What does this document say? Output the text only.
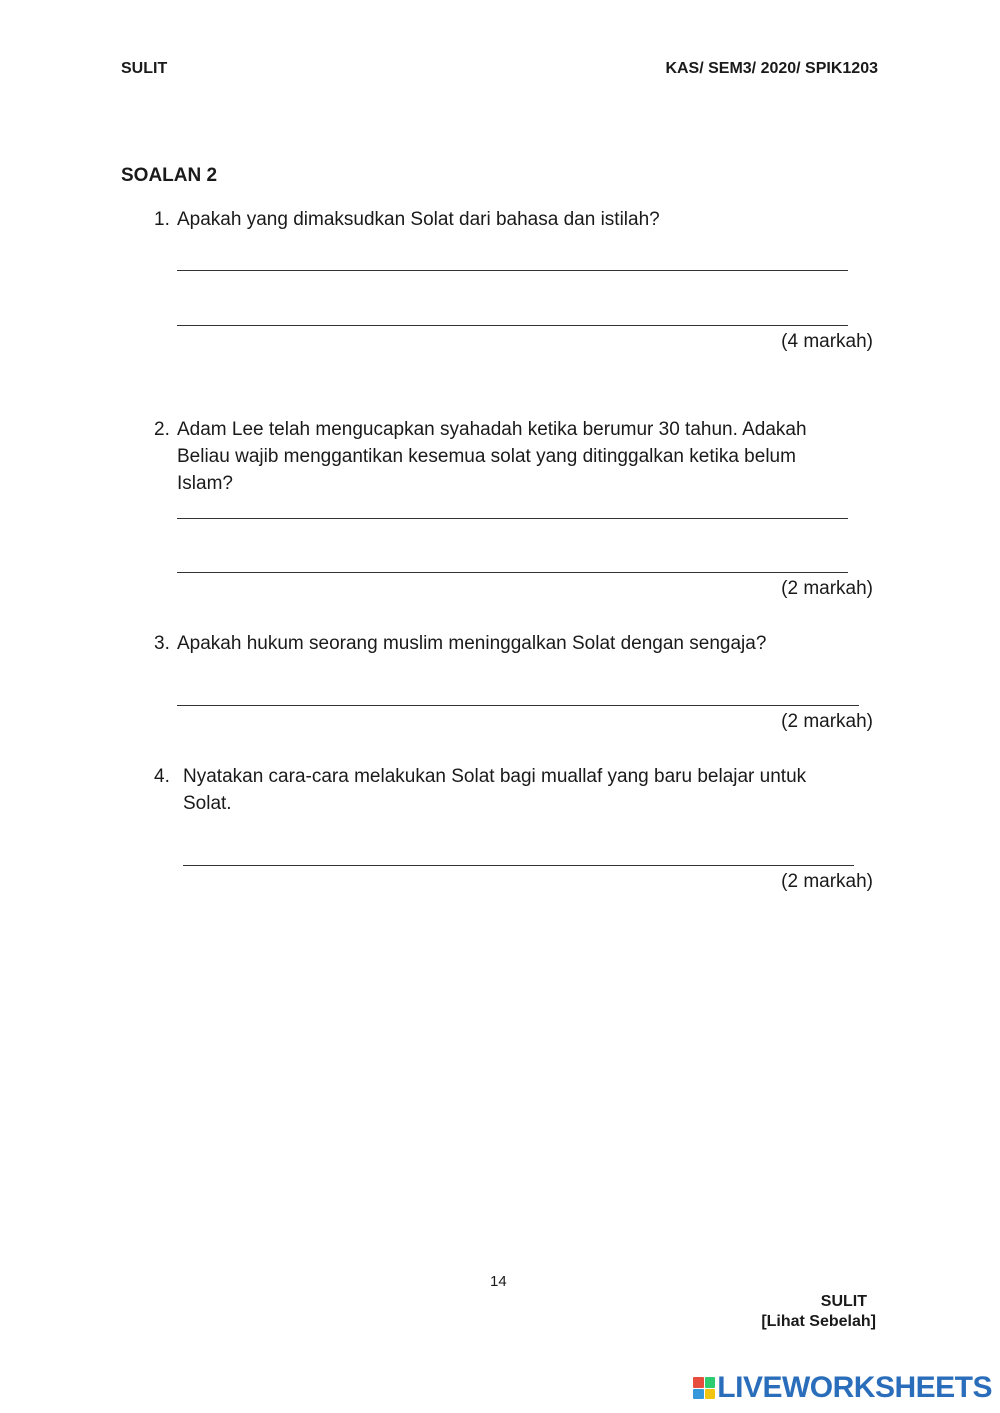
SULIT	KAS/ SEM3/ 2020/ SPIK1203
SOALAN 2
1. Apakah yang dimaksudkan Solat dari bahasa dan istilah?
(4 markah)
2. Adam Lee telah mengucapkan syahadah ketika berumur 30 tahun. Adakah
Beliau wajib menggantikan kesemua solat yang ditinggalkan ketika belum
Islam?
(2 markah)
3. Apakah hukum seorang muslim meninggalkan Solat dengan sengaja?
(2 markah)
4. Nyatakan cara-cara melakukan Solat bagi muallaf yang baru belajar untuk
Solat.
(2 markah)
14
SULIT
[Lihat Sebelah]
LIVEWORKSHEETS
